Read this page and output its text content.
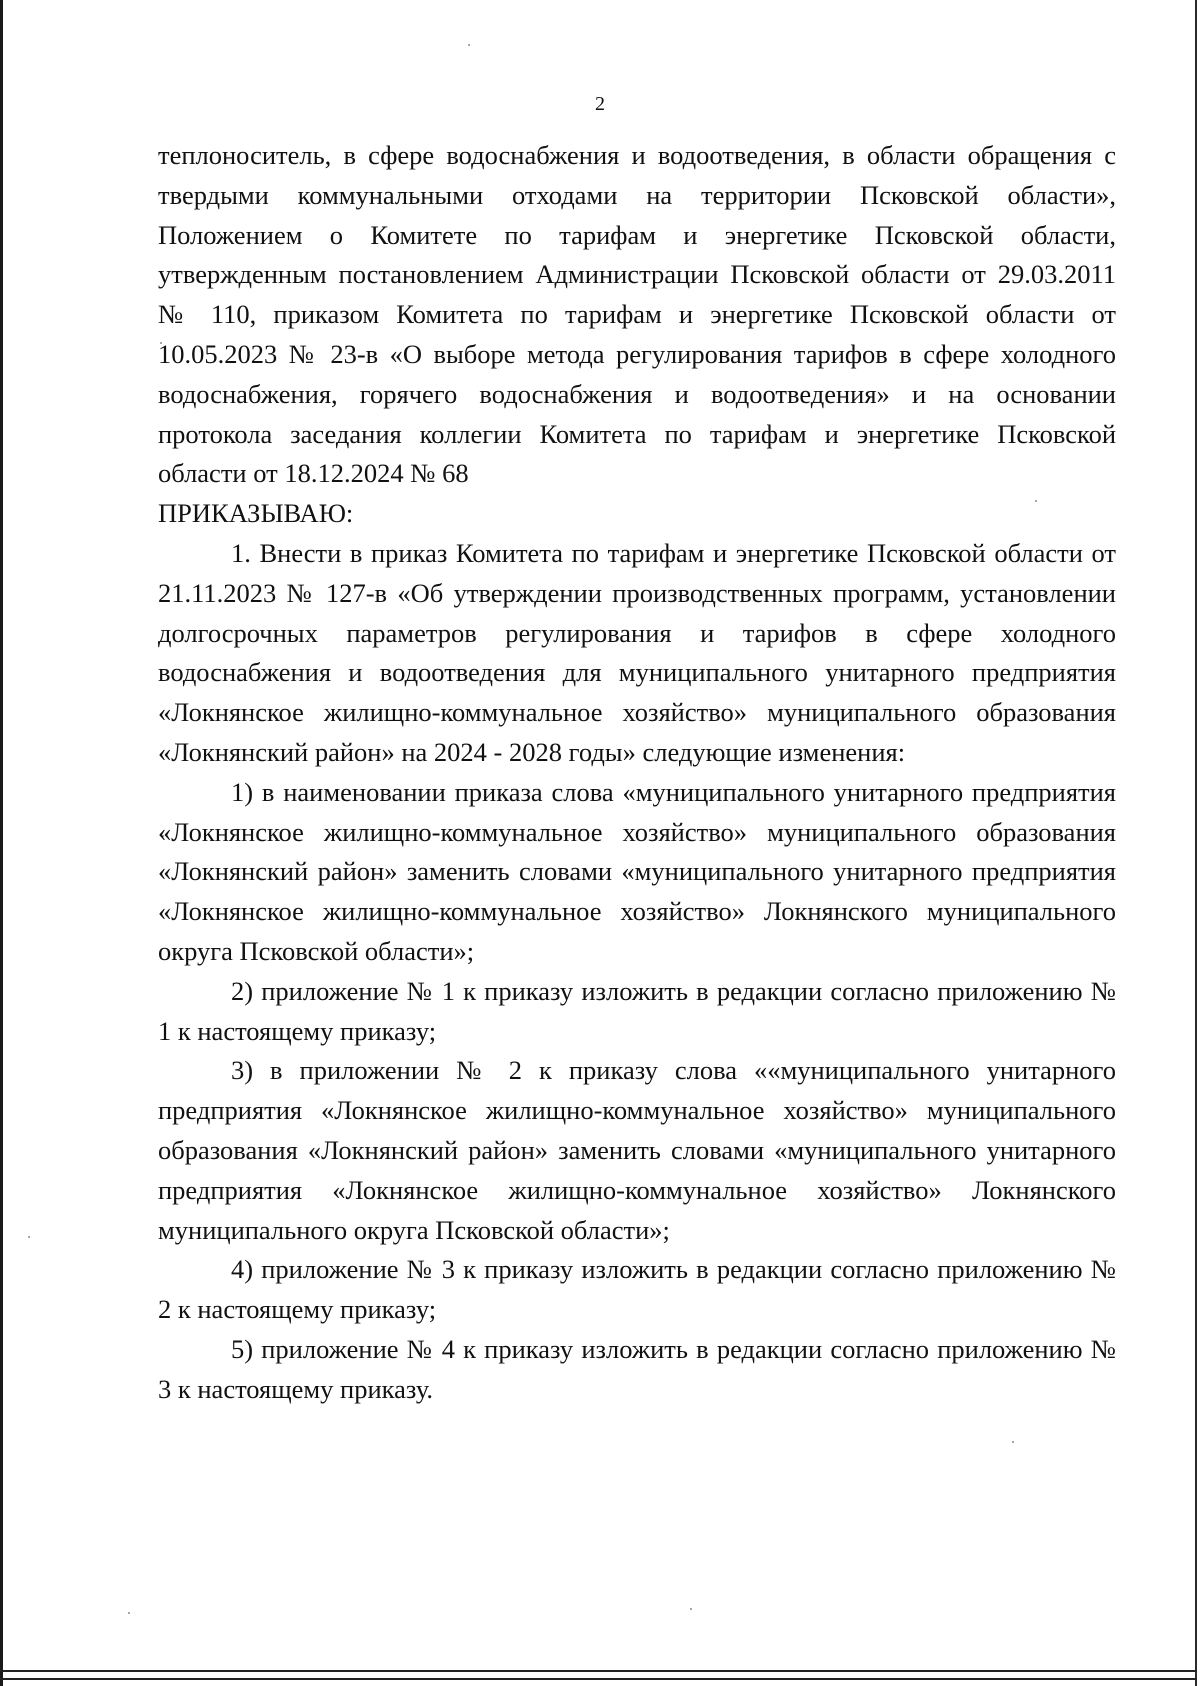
2

теплоноситель, в сфере водоснабжения и водоотведения, в области обращения с твердыми коммунальными отходами на территории Псковской области», Положением о Комитете по тарифам и энергетике Псковской области, утвержденным постановлением Администрации Псковской области от 29.03.2011 № 110, приказом Комитета по тарифам и энергетике Псковской области от 10.05.2023 № 23-в «О выборе метода регулирования тарифов в сфере холодного водоснабжения, горячего водоснабжения и водоотведения» и на основании протокола заседания коллегии Комитета по тарифам и энергетике Псковской области от 18.12.2024 № 68

ПРИКАЗЫВАЮ:

1. Внести в приказ Комитета по тарифам и энергетике Псковской области от 21.11.2023 № 127-в «Об утверждении производственных программ, установлении долгосрочных параметров регулирования и тарифов в сфере холодного водоснабжения и водоотведения для муниципального унитарного предприятия «Локнянское жилищно-коммунальное хозяйство» муниципального образования «Локнянский район» на 2024 - 2028 годы» следующие изменения:

1) в наименовании приказа слова «муниципального унитарного предприятия «Локнянское жилищно-коммунальное хозяйство» муниципального образования «Локнянский район» заменить словами «муниципального унитарного предприятия «Локнянское жилищно-коммунальное хозяйство» Локнянского муниципального округа Псковской области»;

2) приложение № 1 к приказу изложить в редакции согласно приложению № 1 к настоящему приказу;

3) в приложении № 2 к приказу слова ««муниципального унитарного предприятия «Локнянское жилищно-коммунальное хозяйство» муниципального образования «Локнянский район» заменить словами «муниципального унитарного предприятия «Локнянское жилищно-коммунальное хозяйство» Локнянского муниципального округа Псковской области»;

4) приложение № 3 к приказу изложить в редакции согласно приложению № 2 к настоящему приказу;

5) приложение № 4 к приказу изложить в редакции согласно приложению № 3 к настоящему приказу.
